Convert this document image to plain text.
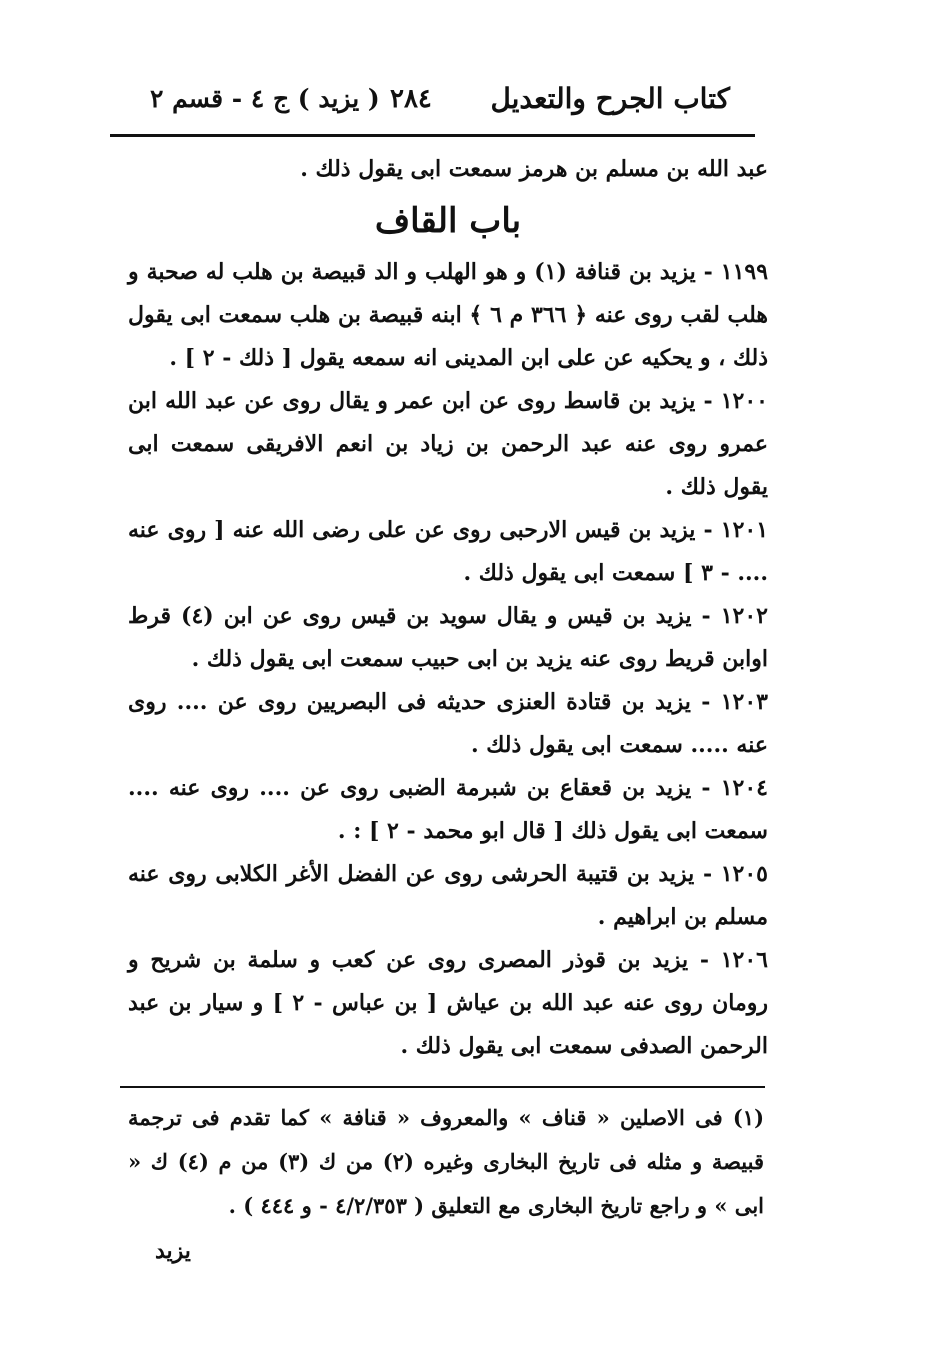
كتاب الجرح والتعديل
٢٨٤
( يزيد ) ج ٤ - قسم ٢

عبد الله بن مسلم بن هرمز سمعت ابى يقول ذلك .

باب القاف

١١٩٩ - يزيد بن قنافة (١) و هو الهلب و الد قبيصة بن هلب له صحبة و هلب لقب روى عنه ﴿ ٣٦٦ م ٦ ﴾ ابنه قبيصة بن هلب سمعت ابى يقول ذلك ، و يحكيه عن على ابن المدينى انه سمعه يقول [ ذلك - ٢ ] .

١٢٠٠ - يزيد بن قاسط روى عن ابن عمر و يقال روى عن عبد الله ابن عمرو روى عنه عبد الرحمن بن زياد بن انعم الافريقى سمعت ابى يقول ذلك .

١٢٠١ - يزيد بن قيس الارحبى روى عن على رضى الله عنه [ روى عنه .... - ٣ ] سمعت ابى يقول ذلك .

١٢٠٢ - يزيد بن قيس و يقال سويد بن قيس روى عن ابن (٤) قرط اوابن قريط روى عنه يزيد بن ابى حبيب سمعت ابى يقول ذلك .

١٢٠٣ - يزيد بن قتادة العنزى حديثه فى البصريين روى عن .... روى عنه ..... سمعت ابى يقول ذلك .

١٢٠٤ - يزيد بن قعقاع بن شبرمة الضبى روى عن .... روى عنه .... سمعت ابى يقول ذلك [ قال ابو محمد - ٢ ] : .

١٢٠٥ - يزيد بن قتيبة الحرشى روى عن الفضل الأغر الكلابى روى عنه مسلم بن ابراهيم .

١٢٠٦ - يزيد بن قوذر المصرى روى عن كعب و سلمة بن شريح و رومان روى عنه عبد الله بن عياش [ بن عباس - ٢ ] و سيار بن عبد الرحمن الصدفى سمعت ابى يقول ذلك .

(١) فى الاصلين « قناف » والمعروف « قنافة » كما تقدم فى ترجمة قبيصة و مثله فى تاريخ البخارى وغيره (٢) من ك (٣) من م (٤) ك « ابى » و راجع تاريخ البخارى مع التعليق ( ٤/٢/٣٥٣ - و ٤٤٤ ) .
يزيد
